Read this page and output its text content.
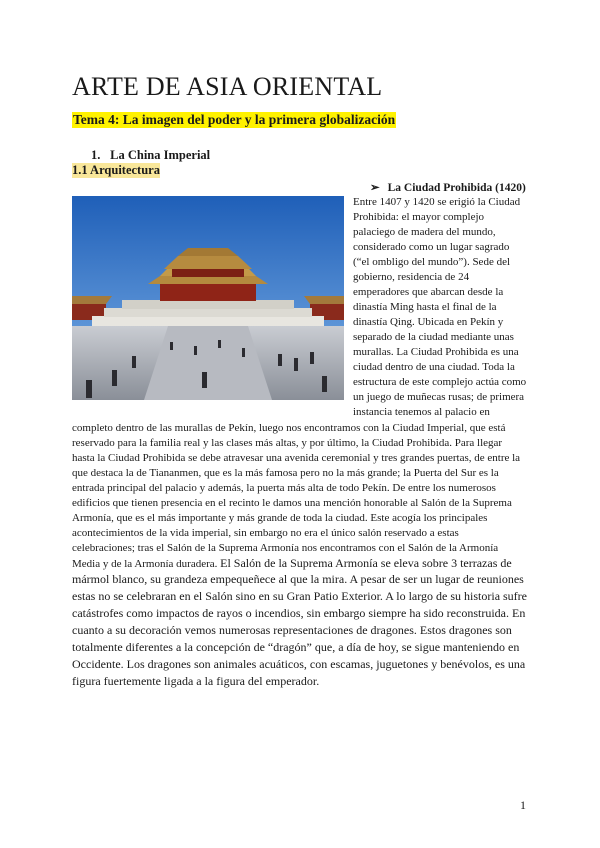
ARTE DE ASIA ORIENTAL
Tema 4: La imagen del poder y la primera globalización
1. La China Imperial
1.1 Arquitectura
➢ La Ciudad Prohibida (1420)
Entre 1407 y 1420 se erigió la Ciudad
Prohibida: el mayor complejo
palaciego de madera del mundo,
considerado como un lugar sagrado
(“el ombligo del mundo”). Sede del
gobierno, residencia de 24
emperadores que abarcan desde la
dinastía Ming hasta el final de la
dinastía Qing. Ubicada en Pekín y
separado de la ciudad mediante unas
murallas. La Ciudad Prohibida es una
ciudad dentro de una ciudad. Toda la
estructura de este complejo actúa como
un juego de muñecas rusas; de primera
instancia tenemos al palacio en
completo dentro de las murallas de Pekín, luego nos encontramos con la Ciudad Imperial, que está
reservado para la familia real y las clases más altas, y por último, la Ciudad Prohibida. Para llegar
hasta la Ciudad Prohibida se debe atravesar una avenida ceremonial y tres grandes puertas, de entre la
que destaca la de Tiananmen, que es la más famosa pero no la más grande; la Puerta del Sur es la
entrada principal del palacio y además, la puerta más alta de todo Pekín. De entre los numerosos
edificios que tienen presencia en el recinto le damos una mención honorable al Salón de la Suprema
Armonía, que es el más importante y más grande de toda la ciudad. Este acogía los principales
acontecimientos de la vida imperial, sin embargo no era el único salón reservado a estas
celebraciones; tras el Salón de la Suprema Armonía nos encontramos con el Salón de la Armonía
Media y de la Armonía duradera. El Salón de la Suprema Armonía se eleva sobre 3 terrazas de
mármol blanco, su grandeza empequeñece al que la mira. A pesar de ser un lugar de reuniones
estas no se celebraran en el Salón sino en su Gran Patio Exterior. A lo largo de su historia sufre
catástrofes como impactos de rayos o incendios, sin embargo siempre ha sido reconstruida. En
cuanto a su decoración vemos numerosas representaciones de dragones. Estos dragones son
totalmente diferentes a la concepción de “dragón” que, a día de hoy, se sigue manteniendo en
Occidente. Los dragones son animales acuáticos, con escamas, juguetones y benévolos, es una
figura fuertemente ligada a la figura del emperador.
1
